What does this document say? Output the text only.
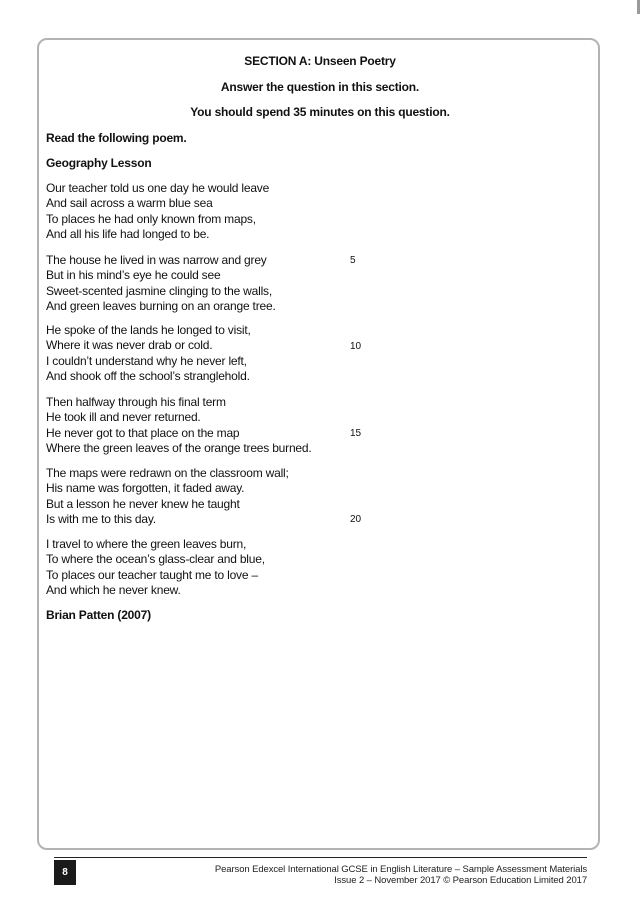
SECTION A: Unseen Poetry
Answer the question in this section.
You should spend 35 minutes on this question.
Read the following poem.
Geography Lesson
Our teacher told us one day he would leave
And sail across a warm blue sea
To places he had only known from maps,
And all his life had longed to be.
The house he lived in was narrow and grey
But in his mind’s eye he could see
Sweet-scented jasmine clinging to the walls,
And green leaves burning on an orange tree.
He spoke of the lands he longed to visit,
Where it was never drab or cold.
I couldn’t understand why he never left,
And shook off the school’s stranglehold.
Then halfway through his final term
He took ill and never returned.
He never got to that place on the map
Where the green leaves of the orange trees burned.
The maps were redrawn on the classroom wall;
His name was forgotten, it faded away.
But a lesson he never knew he taught
Is with me to this day.
I travel to where the green leaves burn,
To where the ocean’s glass-clear and blue,
To places our teacher taught me to love –
And which he never knew.
5
10
15
20
Brian Patten (2007)
8	Pearson Edexcel International GCSE in English Literature – Sample Assessment Materials
Issue 2 – November 2017 © Pearson Education Limited 2017
